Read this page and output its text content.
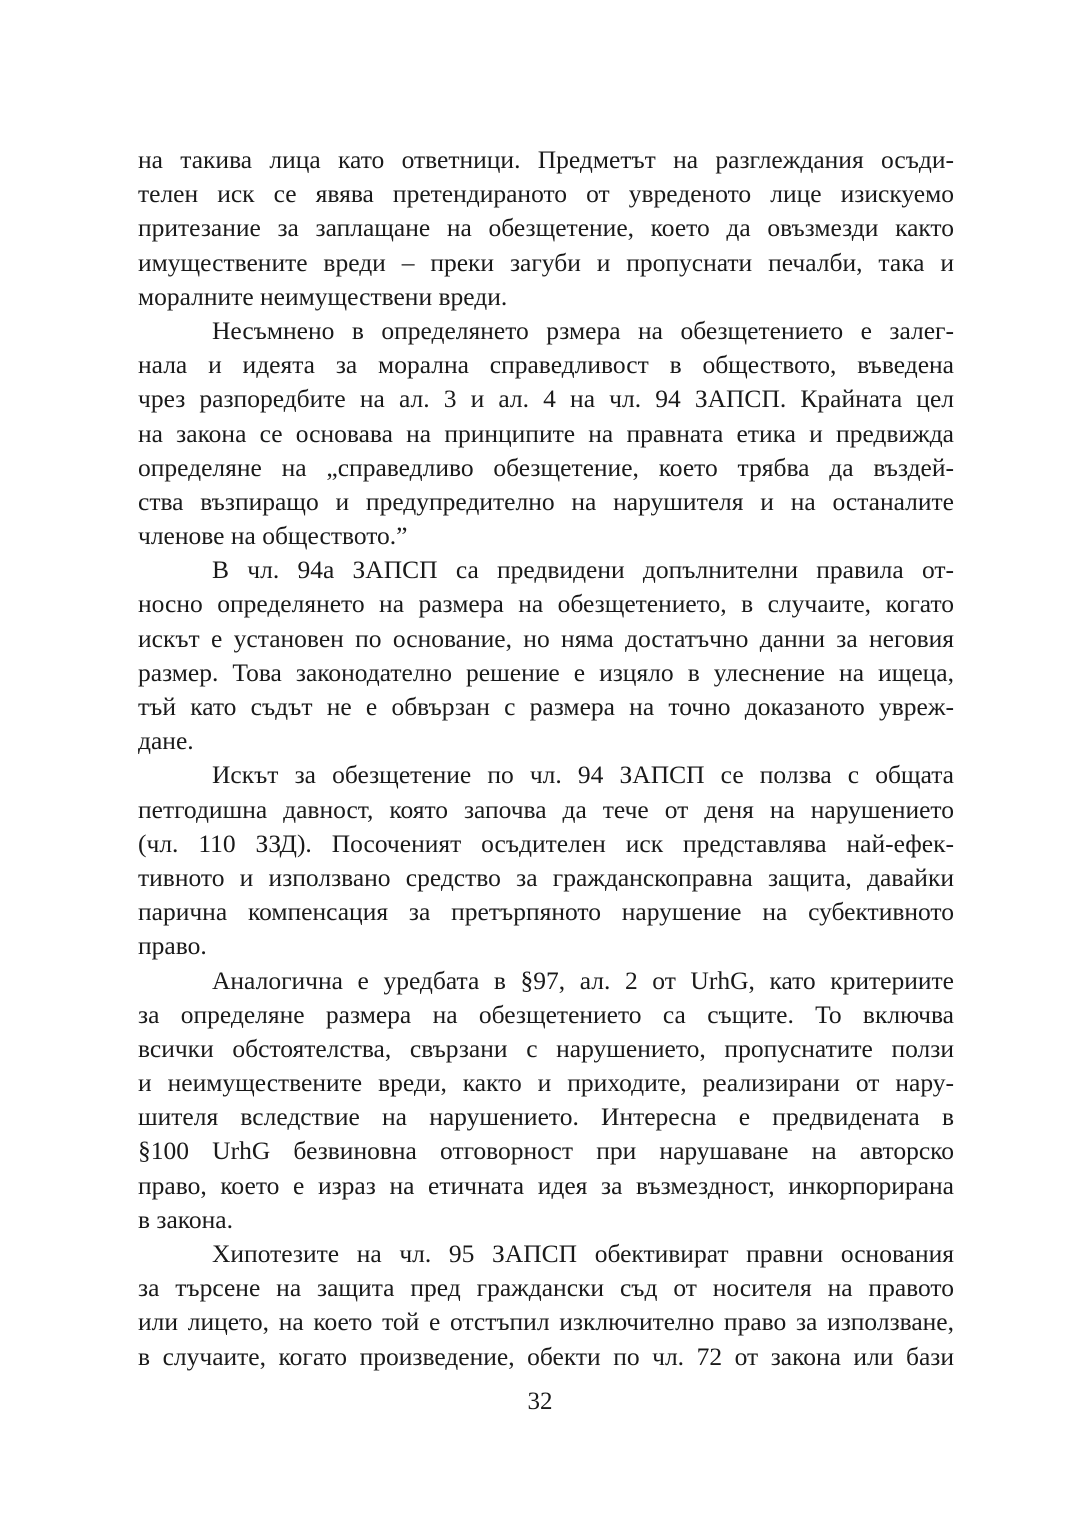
на такива лица като ответници. Предметът на разглеждания осъди-
телен иск се явява претендираното от увреденото лице изискуемо
притезание за заплащане на обезщетение, което да овъзмезди както
имуществените вреди – преки загуби и пропуснати печалби, така и
моралните неимуществени вреди.
Несъмнено в определянето рзмера на обезщетението е залег-
нала и идеята за морална справедливост в обществото, въведена
чрез разпоредбите на ал. 3 и ал. 4 на чл. 94 ЗАПСП. Крайната цел
на закона се основава на принципите на правната етика и предвижда
определяне на „справедливо обезщетение, което трябва да въздей-
ства възпиращо и предупредително на нарушителя и на останалите
членове на обществото.”
В чл. 94а ЗАПСП са предвидени допълнителни правила от-
носно определянето на размера на обезщетението, в случаите, когато
искът е установен по основание, но няма достатъчно данни за неговия
размер. Това законодателно решение е изцяло в улеснение на ищеца,
тъй като съдът не е обвързан с размера на точно доказаното увреж-
дане.
Искът за обезщетение по чл. 94 ЗАПСП се ползва с общата
петгодишна давност, която започва да тече от деня на нарушението
(чл. 110 ЗЗД). Посоченият осъдителен иск представлява най-ефек-
тивното и използвано средство за гражданскоправна защита, давайки
парична компенсация за претърпяното нарушение на субективното
право.
Аналогична е уредбата в §97, ал. 2 от UrhG, като критериите
за определяне размера на обезщетението са същите. То включва
всички обстоятелства, свързани с нарушението, пропуснатите ползи
и неимуществените вреди, както и приходите, реализирани от нару-
шителя вследствие на нарушението. Интересна е предвидената в
§100 UrhG безвиновна отговорност при нарушаване на авторско
право, което е израз на етичната идея за възмездност, инкорпорирана
в закона.
Хипотезите на чл. 95 ЗАПСП обективират правни основания
за търсене на защита пред граждански съд от носителя на правото
или лицето, на което той е отстъпил изключително право за използване,
в случаите, когато произведение, обекти по чл. 72 от закона или бази
32
